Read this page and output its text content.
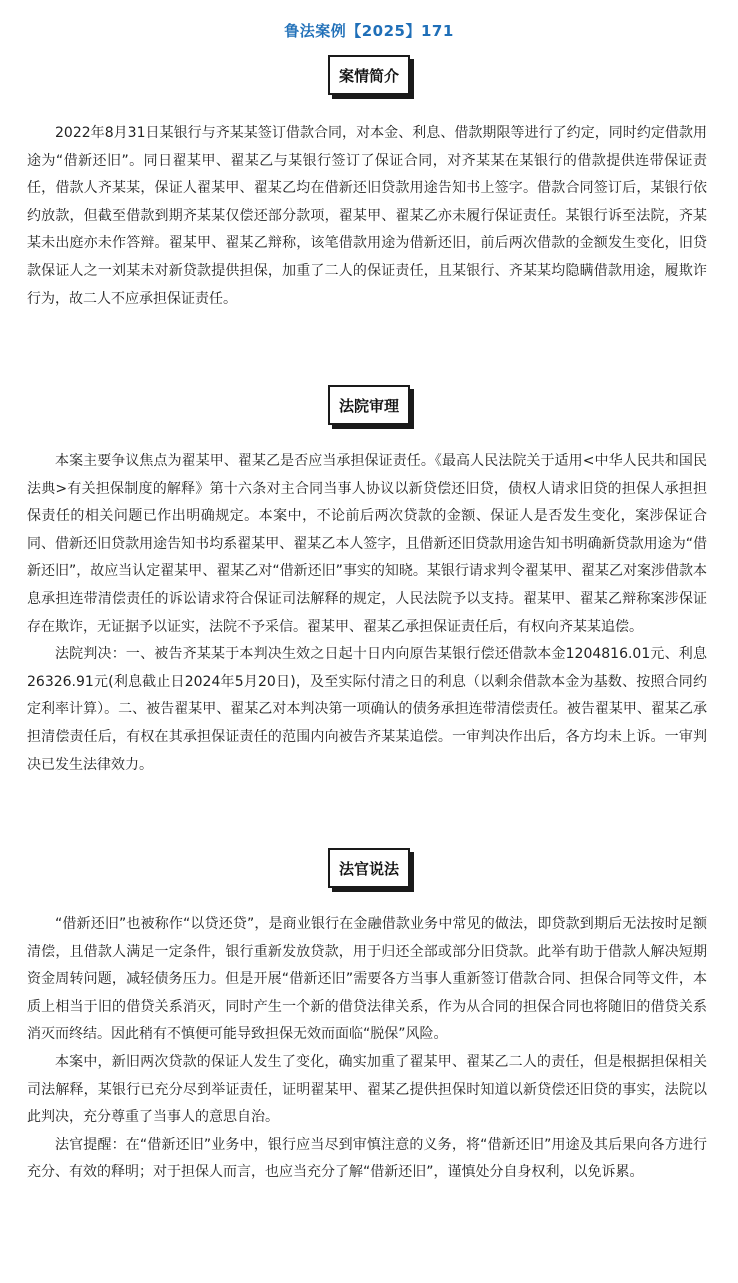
鲁法案例【2025】171
案情简介

2022年8月31日某银行与齐某某签订借款合同，对本金、利息、借款期限等进行了约定，同时约定借款用途为“借新还旧”。同日翟某甲、翟某乙与某银行签订了保证合同，对齐某某在某银行的借款提供连带保证责任，借款人齐某某，保证人翟某甲、翟某乙均在借新还旧贷款用途告知书上签字。借款合同签订后，某银行依约放款，但截至借款到期齐某某仅偿还部分款项，翟某甲、翟某乙亦未履行保证责任。某银行诉至法院，齐某某未出庭亦未作答辩。翟某甲、翟某乙辩称，该笔借款用途为借新还旧，前后两次借款的金额发生变化，旧贷款保证人之一刘某未对新贷款提供担保，加重了二人的保证责任，且某银行、齐某某均隐瞒借款用途，履欺诈行为，故二人不应承担保证责任。

法院审理

本案主要争议焦点为翟某甲、翟某乙是否应当承担保证责任。《最高人民法院关于适用<中华人民共和国民法典>有关担保制度的解释》第十六条对主合同当事人协议以新贷偿还旧贷，债权人请求旧贷的担保人承担担保责任的相关问题已作出明确规定。本案中，不论前后两次贷款的金额、保证人是否发生变化，案涉保证合同、借新还旧贷款用途告知书均系翟某甲、翟某乙本人签字，且借新还旧贷款用途告知书明确新贷款用途为“借新还旧”，故应当认定翟某甲、翟某乙对“借新还旧”事实的知晓。某银行请求判令翟某甲、翟某乙对案涉借款本息承担连带清偿责任的诉讼请求符合保证司法解释的规定，人民法院予以支持。翟某甲、翟某乙辩称案涉保证存在欺诈，无证据予以证实，法院不予采信。翟某甲、翟某乙承担保证责任后，有权向齐某某追偿。

法院判决：一、被告齐某某于本判决生效之日起十日内向原告某银行偿还借款本金1204816.01元、利息26326.91元(利息截止日2024年5月20日)，及至实际付清之日的利息（以剩余借款本金为基数、按照合同约定利率计算）。二、被告翟某甲、翟某乙对本判决第一项确认的债务承担连带清偿责任。被告翟某甲、翟某乙承担清偿责任后，有权在其承担保证责任的范围内向被告齐某某追偿。一审判决作出后，各方均未上诉。一审判决已发生法律效力。

法官说法

“借新还旧”也被称作“以贷还贷”，是商业银行在金融借款业务中常见的做法，即贷款到期后无法按时足额清偿，且借款人满足一定条件，银行重新发放贷款，用于归还全部或部分旧贷款。此举有助于借款人解决短期资金周转问题，减轻债务压力。但是开展“借新还旧”需要各方当事人重新签订借款合同、担保合同等文件，本质上相当于旧的借贷关系消灭，同时产生一个新的借贷法律关系，作为从合同的担保合同也将随旧的借贷关系消灭而终结。因此稍有不慎便可能导致担保无效而面临“脱保”风险。

本案中，新旧两次贷款的保证人发生了变化，确实加重了翟某甲、翟某乙二人的责任，但是根据担保相关司法解释，某银行已充分尽到举证责任，证明翟某甲、翟某乙提供担保时知道以新贷偿还旧贷的事实，法院以此判决，充分尊重了当事人的意思自治。

法官提醒：在“借新还旧”业务中，银行应当尽到审慎注意的义务，将“借新还旧”用途及其后果向各方进行充分、有效的释明；对于担保人而言，也应当充分了解“借新还旧”，谨慎处分自身权利，以免诉累。
